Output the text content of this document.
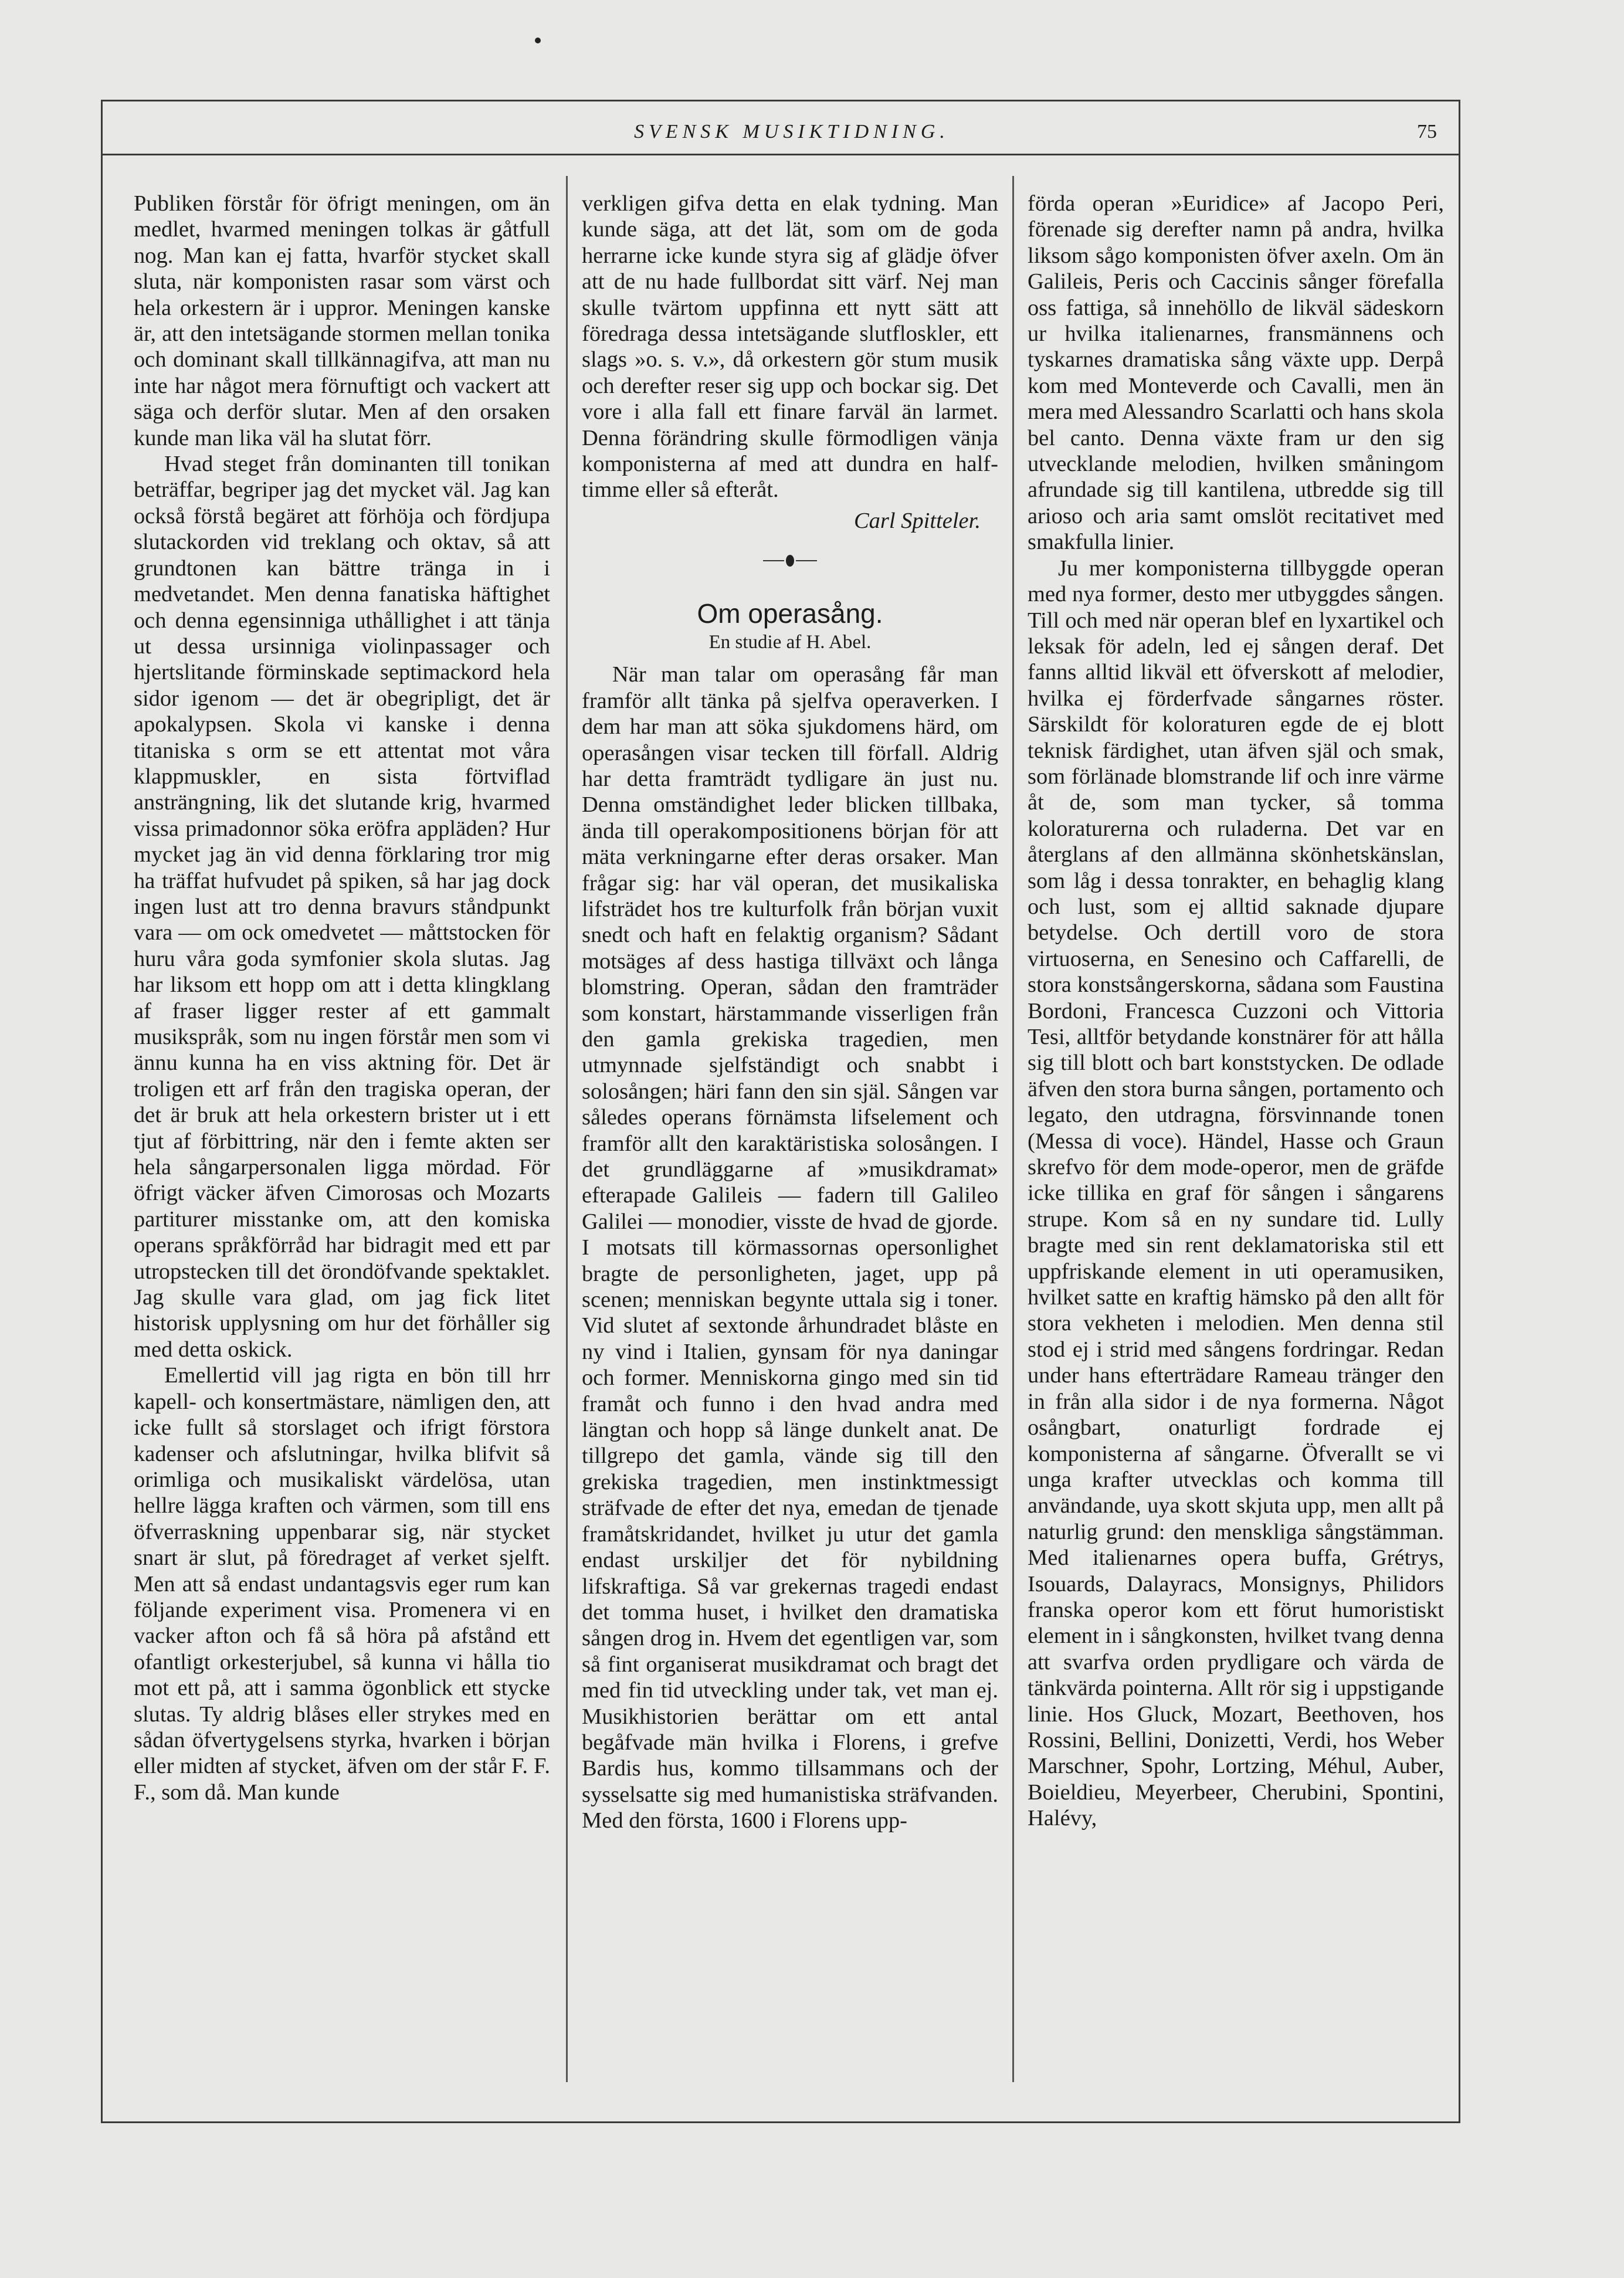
SVENSK MUSIKTIDNING.	75

Publiken förstår för öfrigt meningen, om än medlet, hvarmed meningen tolkas är gåtfull nog. Man kan ej fatta, hvarför stycket skall sluta, när komponisten rasar som värst och hela orkestern är i uppror. Meningen kanske är, att den intetsägande stormen mellan tonika och dominant skall tillkännagifva, att man nu inte har något mera förnuftigt och vackert att säga och derför slutar. Men af den orsaken kunde man lika väl ha slutat förr.

Hvad steget från dominanten till tonikan beträffar, begriper jag det mycket väl. Jag kan också förstå begäret att förhöja och fördjupa slutackorden vid treklang och oktav, så att grundtonen kan bättre tränga in i medvetandet. Men denna fanatiska häftighet och denna egensinniga uthållighet i att tänja ut dessa ursinniga violinpassager och hjertslitande förminskade septimackord hela sidor igenom — det är obegripligt, det är apokalypsen. Skola vi kanske i denna titaniska s orm se ett attentat mot våra klappmuskler, en sista förtviflad ansträngning, lik det slutande krig, hvarmed vissa primadonnor söka eröfra appläden? Hur mycket jag än vid denna förklaring tror mig ha träffat hufvudet på spiken, så har jag dock ingen lust att tro denna bravurs ståndpunkt vara — om ock omedvetet — måttstocken för huru våra goda symfonier skola slutas. Jag har liksom ett hopp om att i detta klingklang af fraser ligger rester af ett gammalt musikspråk, som nu ingen förstår men som vi ännu kunna ha en viss aktning för. Det är troligen ett arf från den tragiska operan, der det är bruk att hela orkestern brister ut i ett tjut af förbittring, när den i femte akten ser hela sångarpersonalen ligga mördad. För öfrigt väcker äfven Cimorosas och Mozarts partiturer misstanke om, att den komiska operans språkförråd har bidragit med ett par utropstecken till det örondöfvande spektaklet. Jag skulle vara glad, om jag fick litet historisk upplysning om hur det förhåller sig med detta oskick.

Emellertid vill jag rigta en bön till hrr kapell- och konsertmästare, nämligen den, att icke fullt så storslaget och ifrigt förstora kadenser och afslutningar, hvilka blifvit så orimliga och musikaliskt värdelösa, utan hellre lägga kraften och värmen, som till ens öfverraskning uppenbarar sig, när stycket snart är slut, på föredraget af verket sjelft. Men att så endast undantagsvis eger rum kan följande experiment visa. Promenera vi en vacker afton och få så höra på afstånd ett ofantligt orkesterjubel, så kunna vi hålla tio mot ett på, att i samma ögonblick ett stycke slutas. Ty aldrig blåses eller strykes med en sådan öfvertygelsens styrka, hvarken i början eller midten af stycket, äfven om der står F. F. F., som då. Man kunde

verkligen gifva detta en elak tydning. Man kunde säga, att det lät, som om de goda herrarne icke kunde styra sig af glädje öfver att de nu hade fullbordat sitt värf. Nej man skulle tvärtom uppfinna ett nytt sätt att föredraga dessa intetsägande slutfloskler, ett slags »o. s. v.», då orkestern gör stum musik och derefter reser sig upp och bockar sig. Det vore i alla fall ett finare farväl än larmet. Denna förändring skulle förmodligen vänja komponisterna af med att dundra en halftimme eller så efteråt.

Carl Spitteler.
Om operasång.
En studie af H. Abel.

När man talar om operasång får man framför allt tänka på sjelfva operaverken. I dem har man att söka sjukdomens härd, om operasången visar tecken till förfall. Aldrig har detta framträdt tydligare än just nu. Denna omständighet leder blicken tillbaka, ända till operakompositionens början för att mäta verkningarne efter deras orsaker. Man frågar sig: har väl operan, det musikaliska lifsträdet hos tre kulturfolk från början vuxit snedt och haft en felaktig organism? Sådant motsäges af dess hastiga tillväxt och långa blomstring. Operan, sådan den framträder som konstart, härstammande visserligen från den gamla grekiska tragedien, men utmynnade sjelfständigt och snabbt i solosången; häri fann den sin själ. Sången var således operans förnämsta lifselement och framför allt den karaktäristiska solosången. I det grundläggarne af »musikdramat» efterapade Galileis — fadern till Galileo Galilei — monodier, visste de hvad de gjorde. I motsats till körmassornas opersonlighet bragte de personligheten, jaget, upp på scenen; menniskan begynte uttala sig i toner. Vid slutet af sextonde århundradet blåste en ny vind i Italien, gynsam för nya daningar och former. Menniskorna gingo med sin tid framåt och funno i den hvad andra med längtan och hopp så länge dunkelt anat. De tillgrepo det gamla, vände sig till den grekiska tragedien, men instinktmessigt sträfvade de efter det nya, emedan de tjenade framåtskridandet, hvilket ju utur det gamla endast urskiljer det för nybildning lifskraftiga. Så var grekernas tragedi endast det tomma huset, i hvilket den dramatiska sången drog in. Hvem det egentligen var, som så fint organiserat musikdramat och bragt det med fin tid utveckling under tak, vet man ej. Musikhistorien berättar om ett antal begåfvade män hvilka i Florens, i grefve Bardis hus, kommo tillsammans och der sysselsatte sig med humanistiska sträfvanden. Med den första, 1600 i Florens upp-

förda operan »Euridice» af Jacopo Peri, förenade sig derefter namn på andra, hvilka liksom sågo komponisten öfver axeln. Om än Galileis, Peris och Caccinis sånger förefalla oss fattiga, så innehöllo de likväl sädeskorn ur hvilka italienarnes, fransmännens och tyskarnes dramatiska sång växte upp. Derpå kom med Monteverde och Cavalli, men än mera med Alessandro Scarlatti och hans skola bel canto. Denna växte fram ur den sig utvecklande melodien, hvilken småningom afrundade sig till kantilena, utbredde sig till arioso och aria samt omslöt recitativet med smakfulla linier.

Ju mer komponisterna tillbyggde operan med nya former, desto mer utbyggdes sången. Till och med när operan blef en lyxartikel och leksak för adeln, led ej sången deraf. Det fanns alltid likväl ett öfverskott af melodier, hvilka ej förderfvade sångarnes röster. Särskildt för koloraturen egde de ej blott teknisk färdighet, utan äfven själ och smak, som förlänade blomstrande lif och inre värme åt de, som man tycker, så tomma koloraturerna och ruladerna. Det var en återglans af den allmänna skönhetskänslan, som låg i dessa tonrakter, en behaglig klang och lust, som ej alltid saknade djupare betydelse. Och dertill voro de stora virtuoserna, en Senesino och Caffarelli, de stora konstsångerskorna, sådana som Faustina Bordoni, Francesca Cuzzoni och Vittoria Tesi, alltför betydande konstnärer för att hålla sig till blott och bart konststycken. De odlade äfven den stora burna sången, portamento och legato, den utdragna, försvinnande tonen (Messa di voce). Händel, Hasse och Graun skrefvo för dem mode-operor, men de gräfde icke tillika en graf för sången i sångarens strupe. Kom så en ny sundare tid. Lully bragte med sin rent deklamatoriska stil ett uppfriskande element in uti operamusiken, hvilket satte en kraftig hämsko på den allt för stora vekheten i melodien. Men denna stil stod ej i strid med sångens fordringar. Redan under hans efterträdare Rameau tränger den in från alla sidor i de nya formerna. Något osångbart, onaturligt fordrade ej komponisterna af sångarne. Öfverallt se vi unga krafter utvecklas och komma till användande, uya skott skjuta upp, men allt på naturlig grund: den menskliga sångstämman. Med italienarnes opera buffa, Grétrys, Isouards, Dalayracs, Monsignys, Philidors franska operor kom ett förut humoristiskt element in i sångkonsten, hvilket tvang denna att svarfva orden prydligare och värda de tänkvärda pointerna. Allt rör sig i uppstigande linie. Hos Gluck, Mozart, Beethoven, hos Rossini, Bellini, Donizetti, Verdi, hos Weber Marschner, Spohr, Lortzing, Méhul, Auber, Boieldieu, Meyerbeer, Cherubini, Spontini, Halévy,
